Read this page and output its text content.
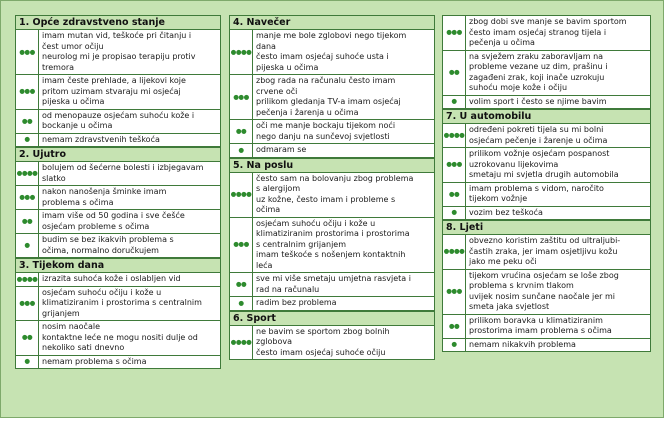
1. Opće zdravstveno stanje
●●●
imam mutan vid, teškoće pri čitanju i
čest umor očiju
neurolog mi je propisao terapiju protiv
tremora
●●●
imam česte prehlade, a lijekovi koje
pritom uzimam stvaraju mi osjećaj
pijeska u očima
●●
od menopauze osjećam suhoću kože i
bockanje u očima
● nemam zdravstvenih teškoća
2. Ujutro
●●●●
bolujem od šećerne bolesti i izbjegavam
slatko
●●●
nakon nanošenja šminke imam
problema s očima
●●
imam više od 50 godina i sve češće
osjećam probleme s očima
●
budim se bez ikakvih problema s
očima, normalno doručkujem
3. Tijekom dana
●●●● izrazita suhoća kože i oslabljen vid
●●●
osjećam suhoću očiju i kože u
klimatiziranim i prostorima s centralnim
grijanjem
●●
nosim naočale
kontaktne leće ne mogu nositi dulje od
nekoliko sati dnevno
● nemam problema s očima
4. Navečer
●●●●
manje me bole zglobovi nego tijekom
dana
često imam osjećaj suhoće usta i
pijeska u očima
●●●
zbog rada na računalu često imam
crvene oči
prilikom gledanja TV-a imam osjećaj
pečenja i žarenja u očima
●●
oči me manje bockaju tijekom noći
nego danju na sunčevoj svjetlosti
● odmaram se
5. Na poslu
●●●●
često sam na bolovanju zbog problema
s alergijom
uz kožne, često imam i probleme s
očima
●●●
osjećam suhoću očiju i kože u
klimatiziranim prostorima i prostorima
s centralnim grijanjem
imam teškoće s nošenjem kontaktnih
leća
●●
sve mi više smetaju umjetna rasvjeta i
rad na računalu
● radim bez problema
6. Sport
●●●●
ne bavim se sportom zbog bolnih
zglobova
često imam osjećaj suhoće očiju
●●●
zbog dobi sve manje se bavim sportom
često imam osjećaj stranog tijela i
pečenja u očima
●●
na svježem zraku zaboravljam na
probleme vezane uz dim, prašinu i
zagađeni zrak, koji inače uzrokuju
suhoću moje kože i očiju
● volim sport i često se njime bavim
7. U automobilu
●●●●
određeni pokreti tijela su mi bolni
osjećam pečenje i žarenje u očima
●●●
prilikom vožnje osjećam pospanost
uzrokovanu lijekovima
smetaju mi svjetla drugih automobila
●●
imam problema s vidom, naročito
tijekom vožnje
● vozim bez teškoća
8. Ljeti
●●●●
obvezno koristim zaštitu od ultraljubi-
častih zraka, jer imam osjetljivu kožu
jako me peku oči
●●●
tijekom vrućina osjećam se loše zbog
problema s krvnim tlakom
uvijek nosim sunčane naočale jer mi
smeta jaka svjetlost
●●
prilikom boravka u klimatiziranim
prostorima imam problema s očima
● nemam nikakvih problema
